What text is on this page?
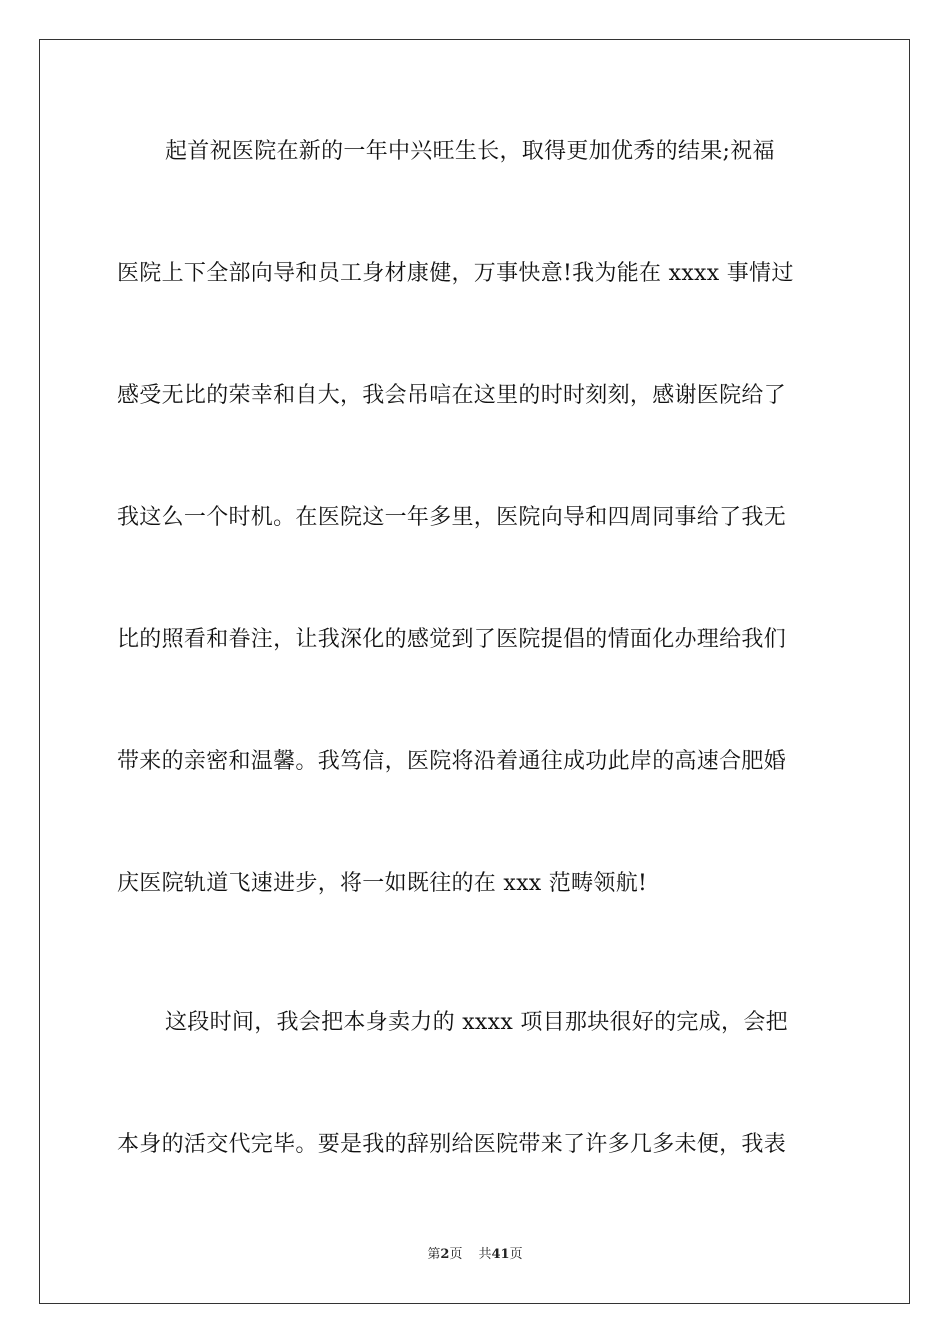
起首祝医院在新的一年中兴旺生长，取得更加优秀的结果;祝福
医院上下全部向导和员工身材康健，万事快意!我为能在 xxxx 事情过
感受无比的荣幸和自大，我会吊唁在这里的时时刻刻，感谢医院给了
我这么一个时机。在医院这一年多里，医院向导和四周同事给了我无
比的照看和眷注，让我深化的感觉到了医院提倡的情面化办理给我们
带来的亲密和温馨。我笃信，医院将沿着通往成功此岸的高速合肥婚
庆医院轨道飞速进步，将一如既往的在 xxx 范畴领航!
这段时间，我会把本身卖力的 xxxx 项目那块很好的完成，会把
本身的活交代完毕。要是我的辞别给医院带来了许多几多未便，我表
第2页 共41页
